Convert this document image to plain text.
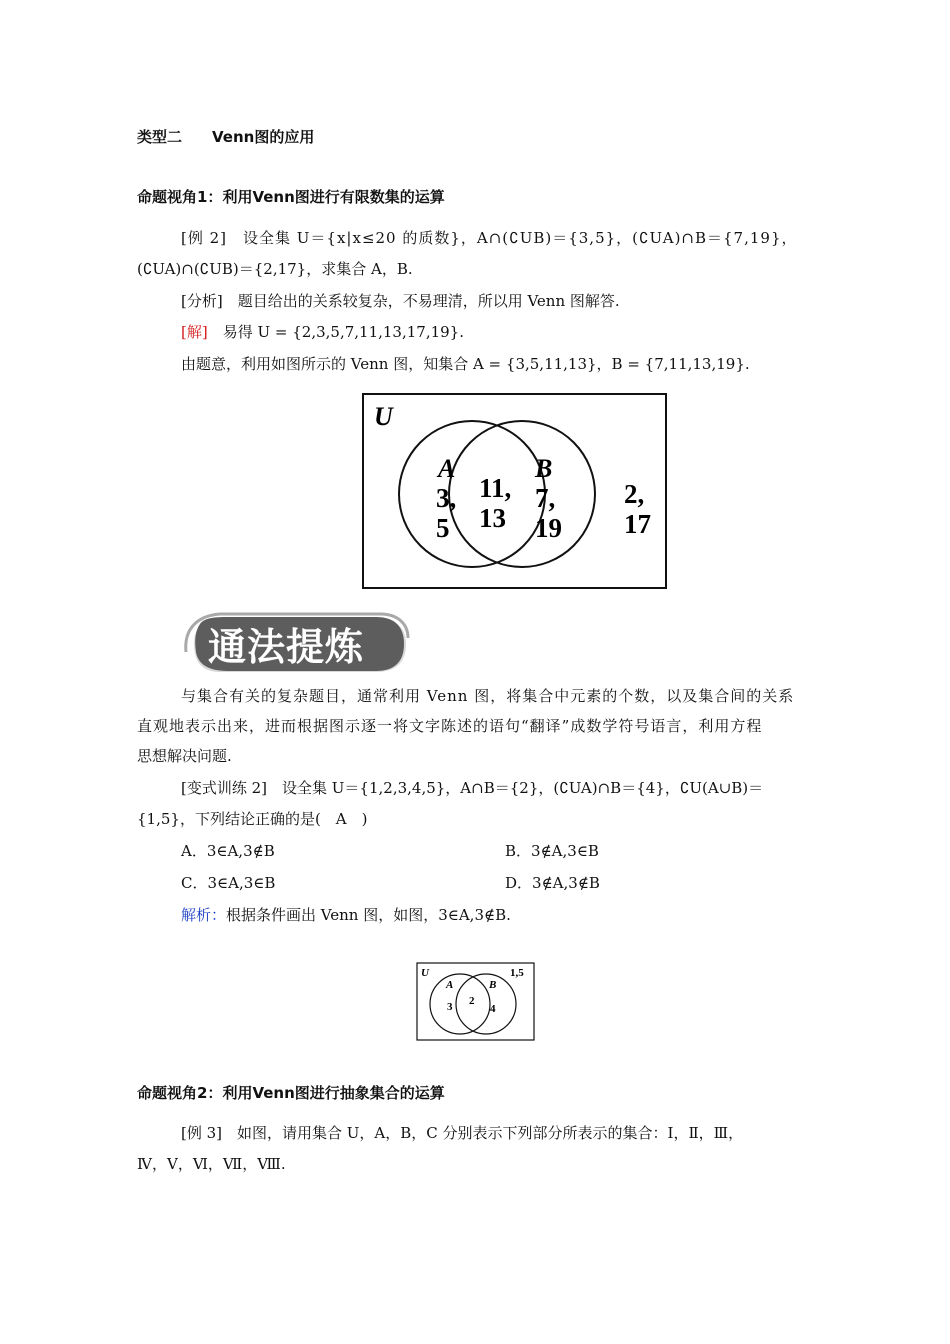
类型二　　Venn图的应用
命题视角1：利用Venn图进行有限数集的运算
[例 2]　设全集 U＝{x|x≤20 的质数}，A∩(∁UB)＝{3,5}，(∁UA)∩B＝{7,19}，
(∁UA)∩(∁UB)＝{2,17}，求集合 A，B.
[分析]　题目给出的关系较复杂，不易理清，所以用 Venn 图解答.
[解]　易得 U = {2,3,5,7,11,13,17,19}.
由题意，利用如图所示的 Venn 图，知集合 A = {3,5,11,13}，B = {7,11,13,19}.
U
A	B
3,
5
11,
13
7,
19
2,
17
通法提炼
与集合有关的复杂题目，通常利用 Venn 图，将集合中元素的个数，以及集合间的关系
直观地表示出来，进而根据图示逐一将文字陈述的语句“翻译”成数学符号语言，利用方程
思想解决问题.
[变式训练 2]　设全集 U＝{1,2,3,4,5}，A∩B＝{2}，(∁UA)∩B＝{4}，∁U(A∪B)＝
{1,5}，下列结论正确的是(　A　)
A．3∈A,3∉B	B．3∉A,3∈B
C．3∈A,3∈B	D．3∉A,3∉B
解析：根据条件画出 Venn 图，如图，3∈A,3∉B.
U
A	B
3 2
4
1,5
命题视角2：利用Venn图进行抽象集合的运算
[例 3]　如图，请用集合 U，A，B，C 分别表示下列部分所表示的集合：Ⅰ，Ⅱ，Ⅲ，
Ⅳ，Ⅴ，Ⅵ，Ⅶ，Ⅷ.
